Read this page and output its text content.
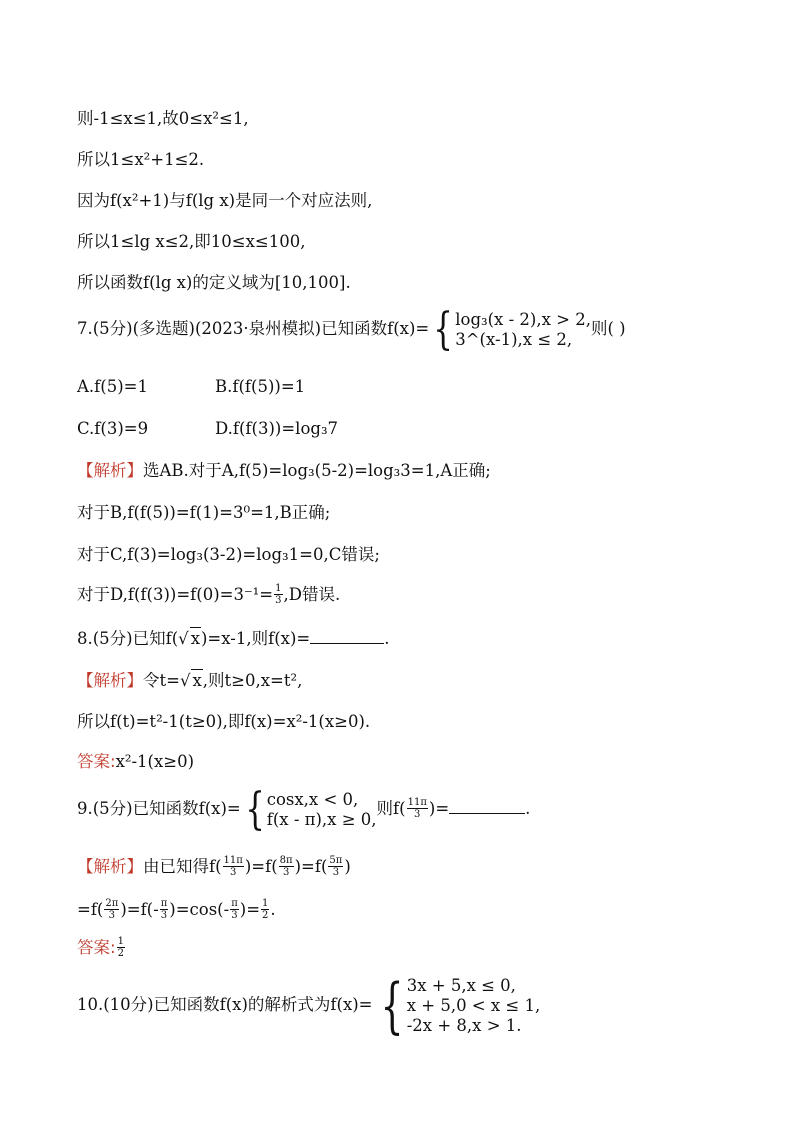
则-1≤x≤1,故0≤x²≤1,
所以1≤x²+1≤2.
因为f(x²+1)与f(lg x)是同一个对应法则,
所以1≤lg x≤2,即10≤x≤100,
所以函数f(lg x)的定义域为[10,100].
7.(5分)(多选题)(2023·泉州模拟)已知函数f(x)= { log₃(x - 2),x > 2,
3^(x-1),x ≤ 2,
则( )
A.f(5)=1	B.f(f(5))=1
C.f(3)=9	D.f(f(3))=log₃7
【解析】选AB.对于A,f(5)=log₃(5-2)=log₃3=1,A正确;
对于B,f(f(5))=f(1)=3⁰=1,B正确;
对于C,f(3)=log₃(3-2)=log₃1=0,C错误;
对于$D,f(f(3))=f(0)=3^{-1}= \frac{1}{3} ,D$错误.
8.(5分)已知f(√ x)=x-1,则f(x)=	.
【解析】令t=√ x,则t≥0,x=t²,
所以f(t)=t²-1(t≥0),即f(x)=x²-1(x≥0).
答案:x²-1(x≥0)
9.(5分)已知函数f(x)= { cosx,x < 0,
f(x - π),x ≥ 0,
则$f( \frac{11\pi}{3}$ )=	.
【解析】由已知得$f( \frac{11\pi}{3} )=f( \frac{8\pi}{3} )=f( \frac{5\pi}{3}$ )
$=f( \frac{2\pi}{3} )=f(- \frac{\pi}{3} )=\cos(- \frac{\pi}{3}$ )= $\frac{1}{2}$ .
答案: $\frac{1}{2}$
10.(10分)已知函数f(x)的解析式为f(x)= { 3x + 5,x ≤ 0,
x + 5,0 < x ≤ 1,
-2x + 8,x > 1.
